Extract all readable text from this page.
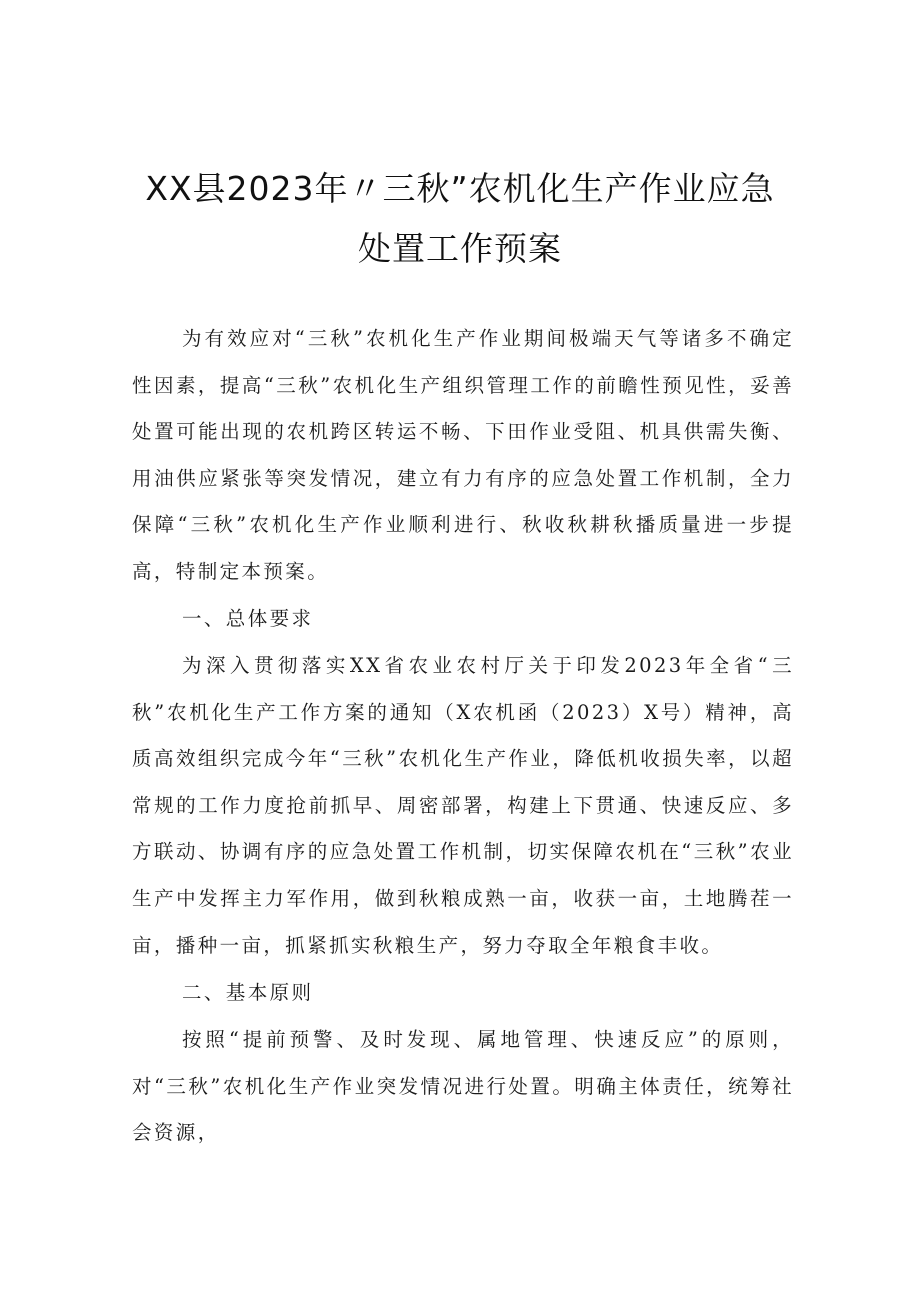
XX县2023年〃三秋”农机化生产作业应急
处置工作预案
为有效应对“三秋”农机化生产作业期间极端天气等诸多不确定性因素，提高“三秋”农机化生产组织管理工作的前瞻性预见性，妥善处置可能出现的农机跨区转运不畅、下田作业受阻、机具供需失衡、用油供应紧张等突发情况，建立有力有序的应急处置工作机制，全力保障“三秋”农机化生产作业顺利进行、秋收秋耕秋播质量进一步提高，特制定本预案。
一、总体要求
为深入贯彻落实XX省农业农村厅关于印发2023年全省“三秋”农机化生产工作方案的通知（X农机函（2023）X号）精神，高质高效组织完成今年“三秋”农机化生产作业，降低机收损失率，以超常规的工作力度抢前抓早、周密部署，构建上下贯通、快速反应、多方联动、协调有序的应急处置工作机制，切实保障农机在“三秋”农业生产中发挥主力军作用，做到秋粮成熟一亩，收获一亩，土地腾茬一亩，播种一亩，抓紧抓实秋粮生产，努力夺取全年粮食丰收。
二、基本原则
按照“提前预警、及时发现、属地管理、快速反应”的原则，对“三秋”农机化生产作业突发情况进行处置。明确主体责任，统筹社会资源，
